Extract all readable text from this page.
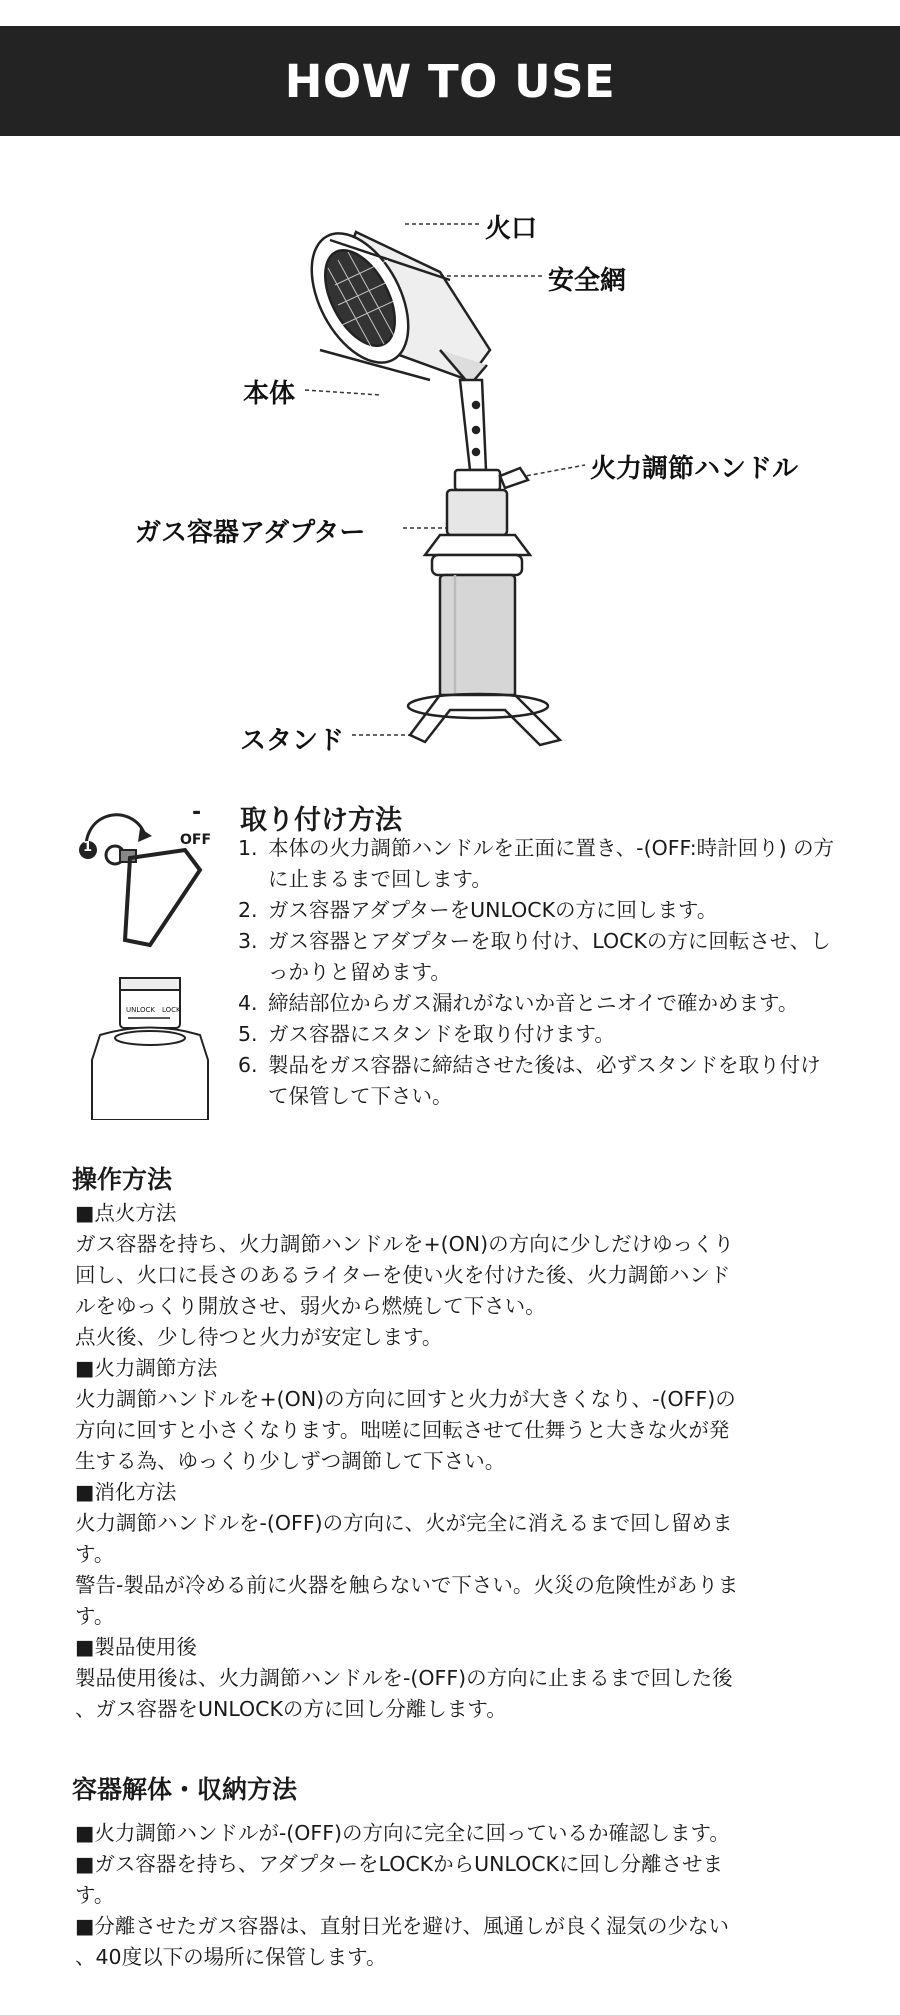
HOW TO USE
火口
安全網
本体
火力調節ハンドル
ガス容器アダプター
スタンド
-
OFF
1
UNLOCK LOCK
取り付け方法
1. 本体の火力調節ハンドルを正面に置き、-(OFF:時計回り) の方に止まるまで回します。
2. ガス容器アダプターをUNLOCKの方に回します。
3. ガス容器とアダプターを取り付け、LOCKの方に回転させ、しっかりと留めます。
4. 締結部位からガス漏れがないか音とニオイで確かめます。
5. ガス容器にスタンドを取り付けます。
6. 製品をガス容器に締結させた後は、必ずスタンドを取り付けて保管して下さい。
操作方法

■点火方法

ガス容器を持ち、火力調節ハンドルを+(ON)の方向に少しだけゆっくり

回し、火口に長さのあるライターを使い火を付けた後、火力調節ハンド

ルをゆっくり開放させ、弱火から燃焼して下さい。

点火後、少し待つと火力が安定します。

■火力調節方法

火力調節ハンドルを+(ON)の方向に回すと火力が大きくなり、-(OFF)の

方向に回すと小さくなります。咄嗟に回転させて仕舞うと大きな火が発

生する為、ゆっくり少しずつ調節して下さい。

■消化方法

火力調節ハンドルを-(OFF)の方向に、火が完全に消えるまで回し留めま

す。

警告-製品が冷める前に火器を触らないで下さい。火災の危険性がありま

す。

■製品使用後

製品使用後は、火力調節ハンドルを-(OFF)の方向に止まるまで回した後

、ガス容器をUNLOCKの方に回し分離します。

容器解体・収納方法

■火力調節ハンドルが-(OFF)の方向に完全に回っているか確認します。

■ガス容器を持ち、アダプターをLOCKからUNLOCKに回し分離させま

す。

■分離させたガス容器は、直射日光を避け、風通しが良く湿気の少ない

、40度以下の場所に保管します。
